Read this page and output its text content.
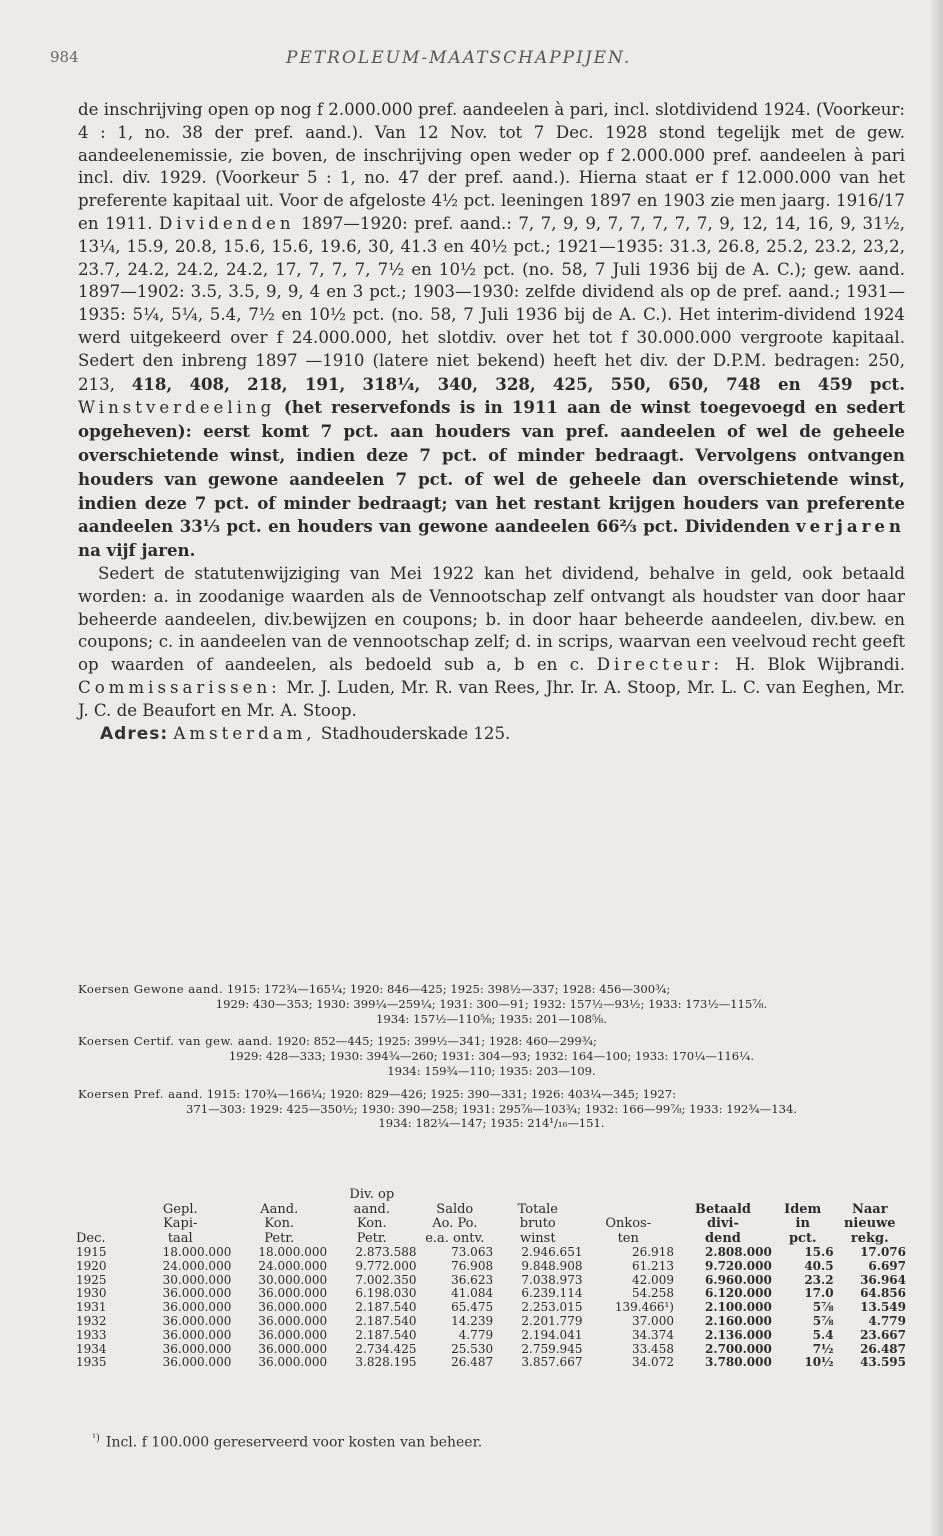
984	PETROLEUM-MAATSCHAPPIJEN.

de inschrijving open op nog f 2.000.000 pref. aandeelen à pari, incl. slotdividend 1924. (Voorkeur: 4 : 1, no. 38 der pref. aand.). Van 12 Nov. tot 7 Dec. 1928 stond tegelijk met de gew. aandeelenemissie, zie boven, de inschrijving open weder op f 2.000.000 pref. aandeelen à pari incl. div. 1929. (Voorkeur 5 : 1, no. 47 der pref. aand.). Hierna staat er f 12.000.000 van het preferente kapitaal uit. Voor de afgeloste 4½ pct. leeningen 1897 en 1903 zie men jaarg. 1916/17 en 1911. Dividenden 1897—1920: pref. aand.: 7, 7, 9, 9, 7, 7, 7, 7, 7, 9, 12, 14, 16, 9, 31½, 13¼, 15.9, 20.8, 15.6, 15.6, 19.6, 30, 41.3 en 40½ pct.; 1921—1935: 31.3, 26.8, 25.2, 23.2, 23,2, 23.7, 24.2, 24.2, 24.2, 17, 7, 7, 7, 7½ en 10½ pct. (no. 58, 7 Juli 1936 bij de A. C.); gew. aand. 1897—1902: 3.5, 3.5, 9, 9, 4 en 3 pct.; 1903—1930: zelfde dividend als op de pref. aand.; 1931—1935: 5¼, 5¼, 5.4, 7½ en 10½ pct. (no. 58, 7 Juli 1936 bij de A. C.). Het interim-dividend 1924 werd uitgekeerd over f 24.000.000, het slotdiv. over het tot f 30.000.000 vergroote kapitaal. Sedert den inbreng 1897 —1910 (latere niet bekend) heeft het div. der D.P.M. bedragen: 250, 213, 418, 408, 218, 191, 318¼, 340, 328, 425, 550, 650, 748 en 459 pct. Winstverdeeling (het reservefonds is in 1911 aan de winst toegevoegd en sedert opgeheven): eerst komt 7 pct. aan houders van pref. aandeelen of wel de geheele overschietende winst, indien deze 7 pct. of minder bedraagt. Vervolgens ontvangen houders van gewone aandeelen 7 pct. of wel de geheele dan overschietende winst, indien deze 7 pct. of minder bedraagt; van het restant krijgen houders van preferente aandeelen 33⅓ pct. en houders van gewone aandeelen 66⅔ pct. Dividenden verjaren na vijf jaren.

Sedert de statutenwijziging van Mei 1922 kan het dividend, behalve in geld, ook betaald worden: a. in zoodanige waarden als de Vennootschap zelf ontvangt als houdster van door haar beheerde aandeelen, div.bewijzen en coupons; b. in door haar beheerde aandeelen, div.bew. en coupons; c. in aandeelen van de vennootschap zelf; d. in scrips, waarvan een veelvoud recht geeft op waarden of aandeelen, als bedoeld sub a, b en c. Directeur: H. Blok Wijbrandi. Commissarissen: Mr. J. Luden, Mr. R. van Rees, Jhr. Ir. A. Stoop, Mr. L. C. van Eeghen, Mr. J. C. de Beaufort en Mr. A. Stoop.

Adres: Amsterdam, Stadhouderskade 125.

Koersen Gewone aand. 1915: 172¾—165¼; 1920: 846—425; 1925: 398½—337; 1928: 456—300¾;
1929: 430—353; 1930: 399¼—259¼; 1931: 300—91; 1932: 157½—93½; 1933: 173½—115⅞.
1934: 157½—110⅝; 1935: 201—108⅝.
Koersen Certif. van gew. aand. 1920: 852—445; 1925: 399½—341; 1928: 460—299¾;
1929: 428—333; 1930: 394¾—260; 1931: 304—93; 1932: 164—100; 1933: 170¼—116¼.
1934: 159¾—110; 1935: 203—109.
Koersen Pref. aand. 1915: 170¾—166¼; 1920: 829—426; 1925: 390—331; 1926: 403¼—345; 1927:
371—303: 1929: 425—350½; 1930: 390—258; 1931: 295⅞—103¾; 1932: 166—99⅞; 1933: 192¾—134.
1934: 182¼—147; 1935: 214¹/₁₆—151.
			Div. op						
	Gepl.	Aand.	aand.	Saldo	Totale		Betaald	Idem	Naar
	Kapi-	Kon.	Kon.	Ao. Po.	bruto	Onkos-	divi-	in	nieuwe
Dec.	taal	Petr.	Petr.	e.a. ontv.	winst	ten	dend	pct.	rekg.
1915	18.000.000	18.000.000	2.873.588	73.063	2.946.651	26.918	2.808.000	15.6	17.076
1920	24.000.000	24.000.000	9.772.000	76.908	9.848.908	61.213	9.720.000	40.5	6.697
1925	30.000.000	30.000.000	7.002.350	36.623	7.038.973	42.009	6.960.000	23.2	36.964
1930	36.000.000	36.000.000	6.198.030	41.084	6.239.114	54.258	6.120.000	17.0	64.856
1931	36.000.000	36.000.000	2.187.540	65.475	2.253.015	139.466¹)	2.100.000	5⅞	13.549
1932	36.000.000	36.000.000	2.187.540	14.239	2.201.779	37.000	2.160.000	5⅞	4.779
1933	36.000.000	36.000.000	2.187.540	4.779	2.194.041	34.374	2.136.000	5.4	23.667
1934	36.000.000	36.000.000	2.734.425	25.530	2.759.945	33.458	2.700.000	7½	26.487
1935	36.000.000	36.000.000	3.828.195	26.487	3.857.667	34.072	3.780.000	10½	43.595
$^{^1)}$ Incl. f 100.000 gereserveerd voor kosten van beheer.
